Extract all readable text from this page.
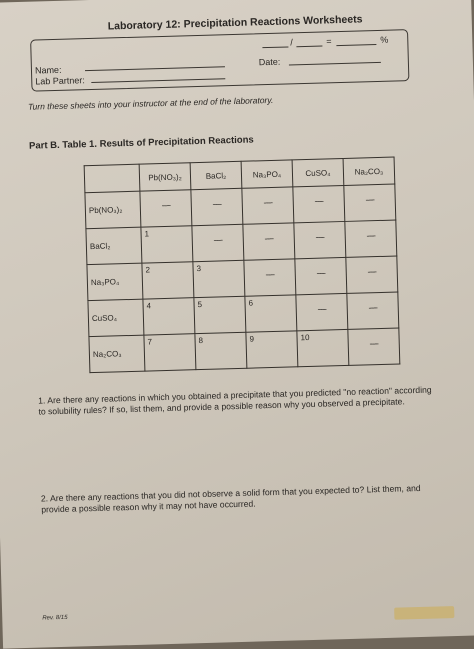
Laboratory 12: Precipitation Reactions Worksheets
Name:
Lab Partner:
/	=	%
Date:
Turn these sheets into your instructor at the end of the laboratory.
Part B. Table 1. Results of Precipitation Reactions
	Pb(NO₃)₂	BaCl₂	Na₃PO₄	CuSO₄	Na₂CO₃
Pb(NO₃)₂	-----	-----	-----	-----	-----

BaCl₂	1	-----	-----	-----	-----

Na₃PO₄	2	3	-----	-----	-----

CuSO₄	4	5	6	-----	-----

Na₂CO₃	7	8	9	10	-----
1. Are there any reactions in which you obtained a precipitate that you predicted "no reaction" according to solubility rules? If so, list them, and provide a possible reason why you observed a precipitate.
2. Are there any reactions that you did not observe a solid form that you expected to? List them, and provide a possible reason why it may not have occurred.
Rev. 8/15
